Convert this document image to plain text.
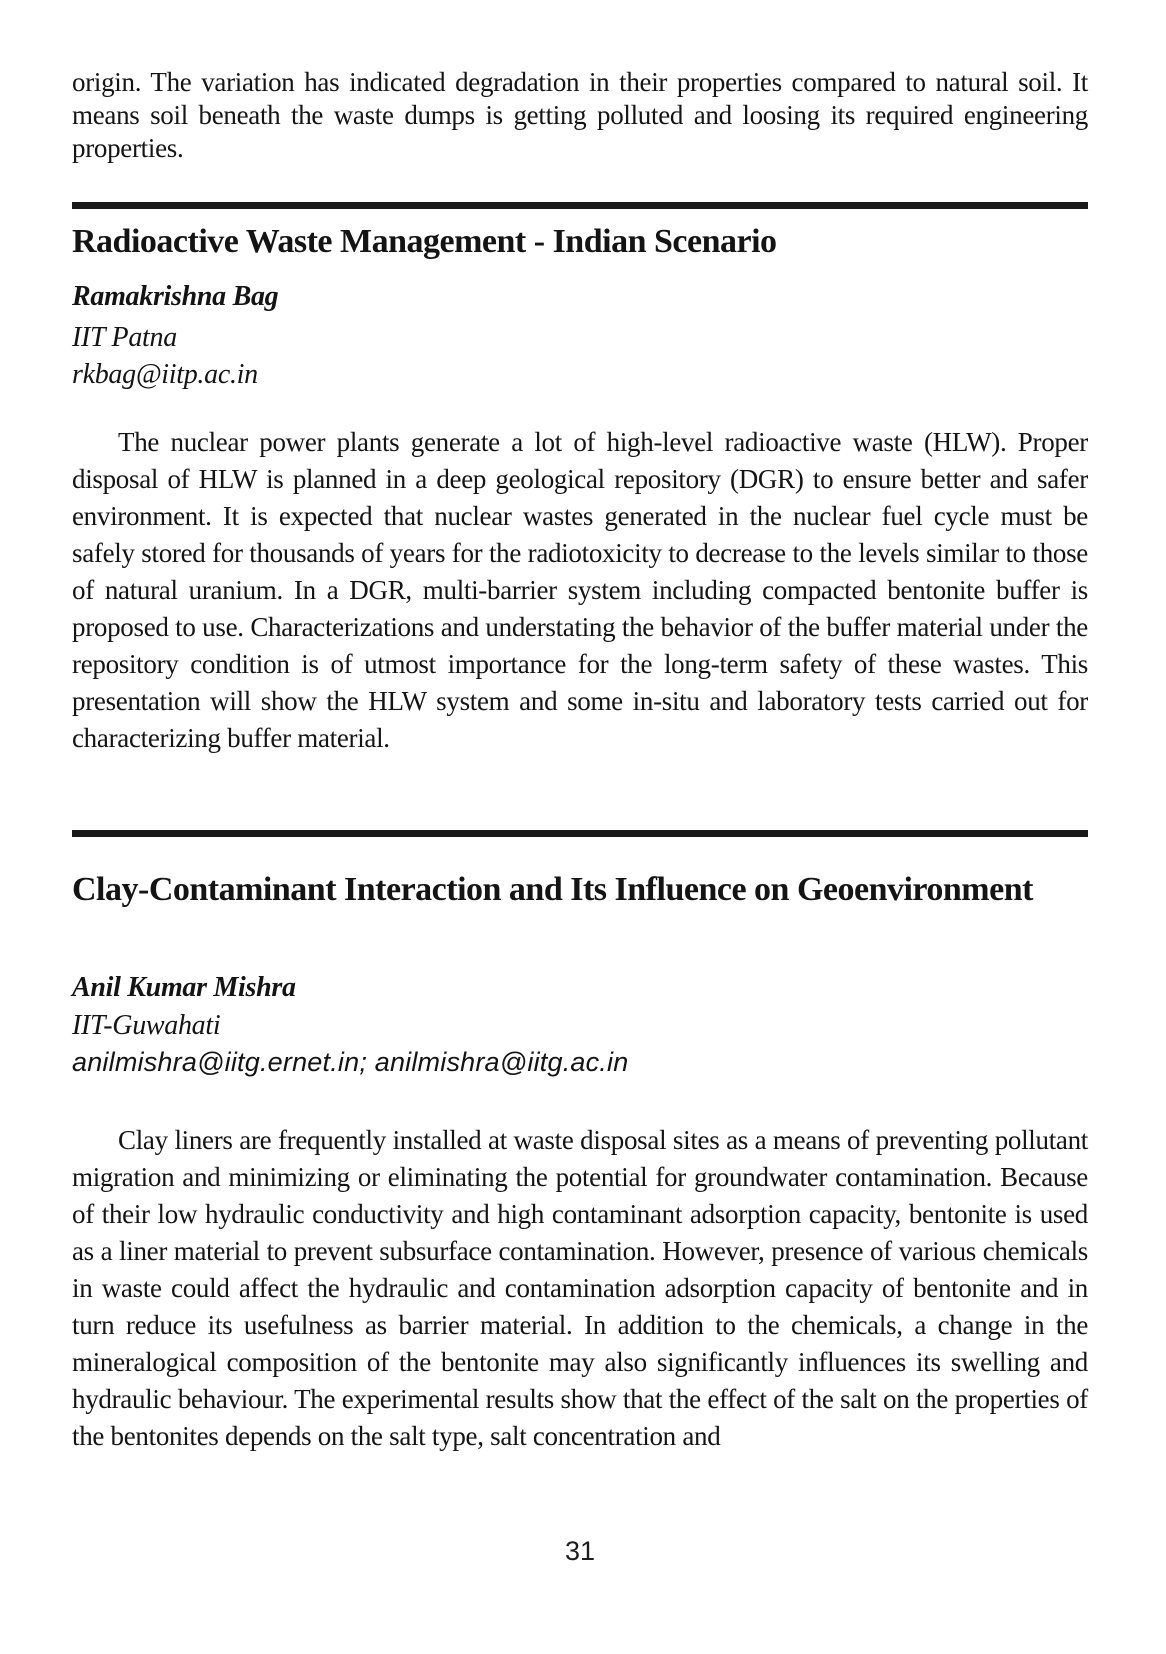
origin. The variation has indicated degradation in their properties compared to natural soil. It means soil beneath the waste dumps is getting polluted and loosing its required engineering properties.

Radioactive Waste Management - Indian Scenario

Ramakrishna Bag

IIT Patna

rkbag@iitp.ac.in

The nuclear power plants generate a lot of high-level radioactive waste (HLW). Proper disposal of HLW is planned in a deep geological repository (DGR) to ensure better and safer environment. It is expected that nuclear wastes generated in the nuclear fuel cycle must be safely stored for thousands of years for the radiotoxicity to decrease to the levels similar to those of natural uranium. In a DGR, multi-barrier system including compacted bentonite buffer is proposed to use. Characterizations and understating the behavior of the buffer material under the repository condition is of utmost importance for the long-term safety of these wastes. This presentation will show the HLW system and some in-situ and laboratory tests carried out for characterizing buffer material.

Clay-Contaminant Interaction and Its Influence on Geoenvironment

Anil Kumar Mishra

IIT-Guwahati

anilmishra@iitg.ernet.in; anilmishra@iitg.ac.in

Clay liners are frequently installed at waste disposal sites as a means of preventing pollutant migration and minimizing or eliminating the potential for groundwater contamination. Because of their low hydraulic conductivity and high contaminant adsorption capacity, bentonite is used as a liner material to prevent subsurface contamination. However, presence of various chemicals in waste could affect the hydraulic and contamination adsorption capacity of bentonite and in turn reduce its usefulness as barrier material. In addition to the chemicals, a change in the mineralogical composition of the bentonite may also significantly influences its swelling and hydraulic behaviour. The experimental results show that the effect of the salt on the properties of the bentonites depends on the salt type, salt concentration and

31
